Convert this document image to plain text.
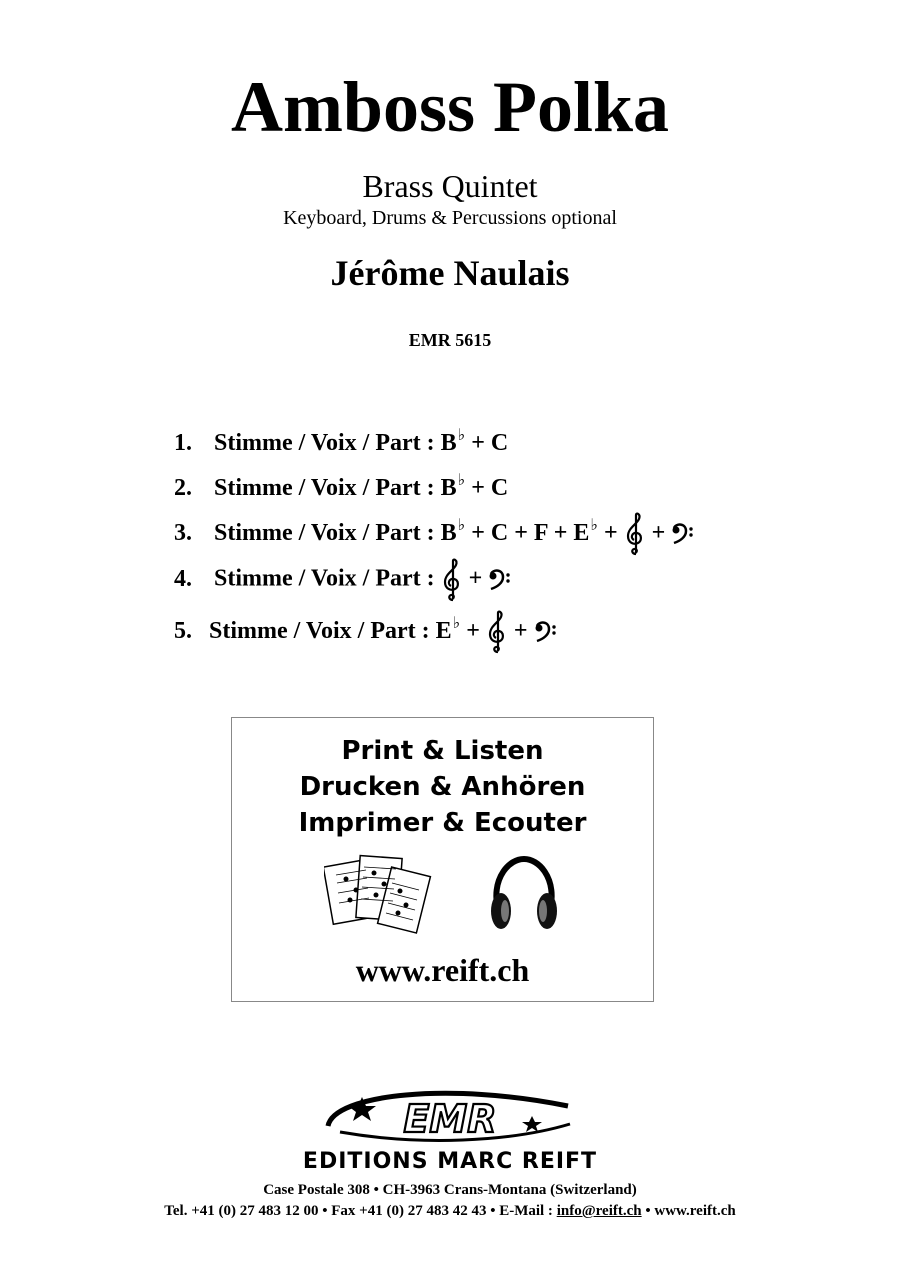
Amboss Polka
Brass Quintet
Keyboard, Drums & Percussions optional
Jérôme Naulais
EMR 5615
1. Stimme / Voix / Part : B♭ + C
2. Stimme / Voix / Part : B♭ + C
3. Stimme / Voix / Part : B♭ + C + F + E♭ + +
4. Stimme / Voix / Part : +
5. Stimme / Voix / Part : E♭ + +
Print & Listen
Drucken & Anhören
Imprimer & Ecouter
www.reift.ch
EMR
EDITIONS MARC REIFT
Case Postale 308 • CH-3963 Crans-Montana (Switzerland)
Tel. +41 (0) 27 483 12 00 • Fax +41 (0) 27 483 42 43 • E-Mail : info@reift.ch • www.reift.ch
